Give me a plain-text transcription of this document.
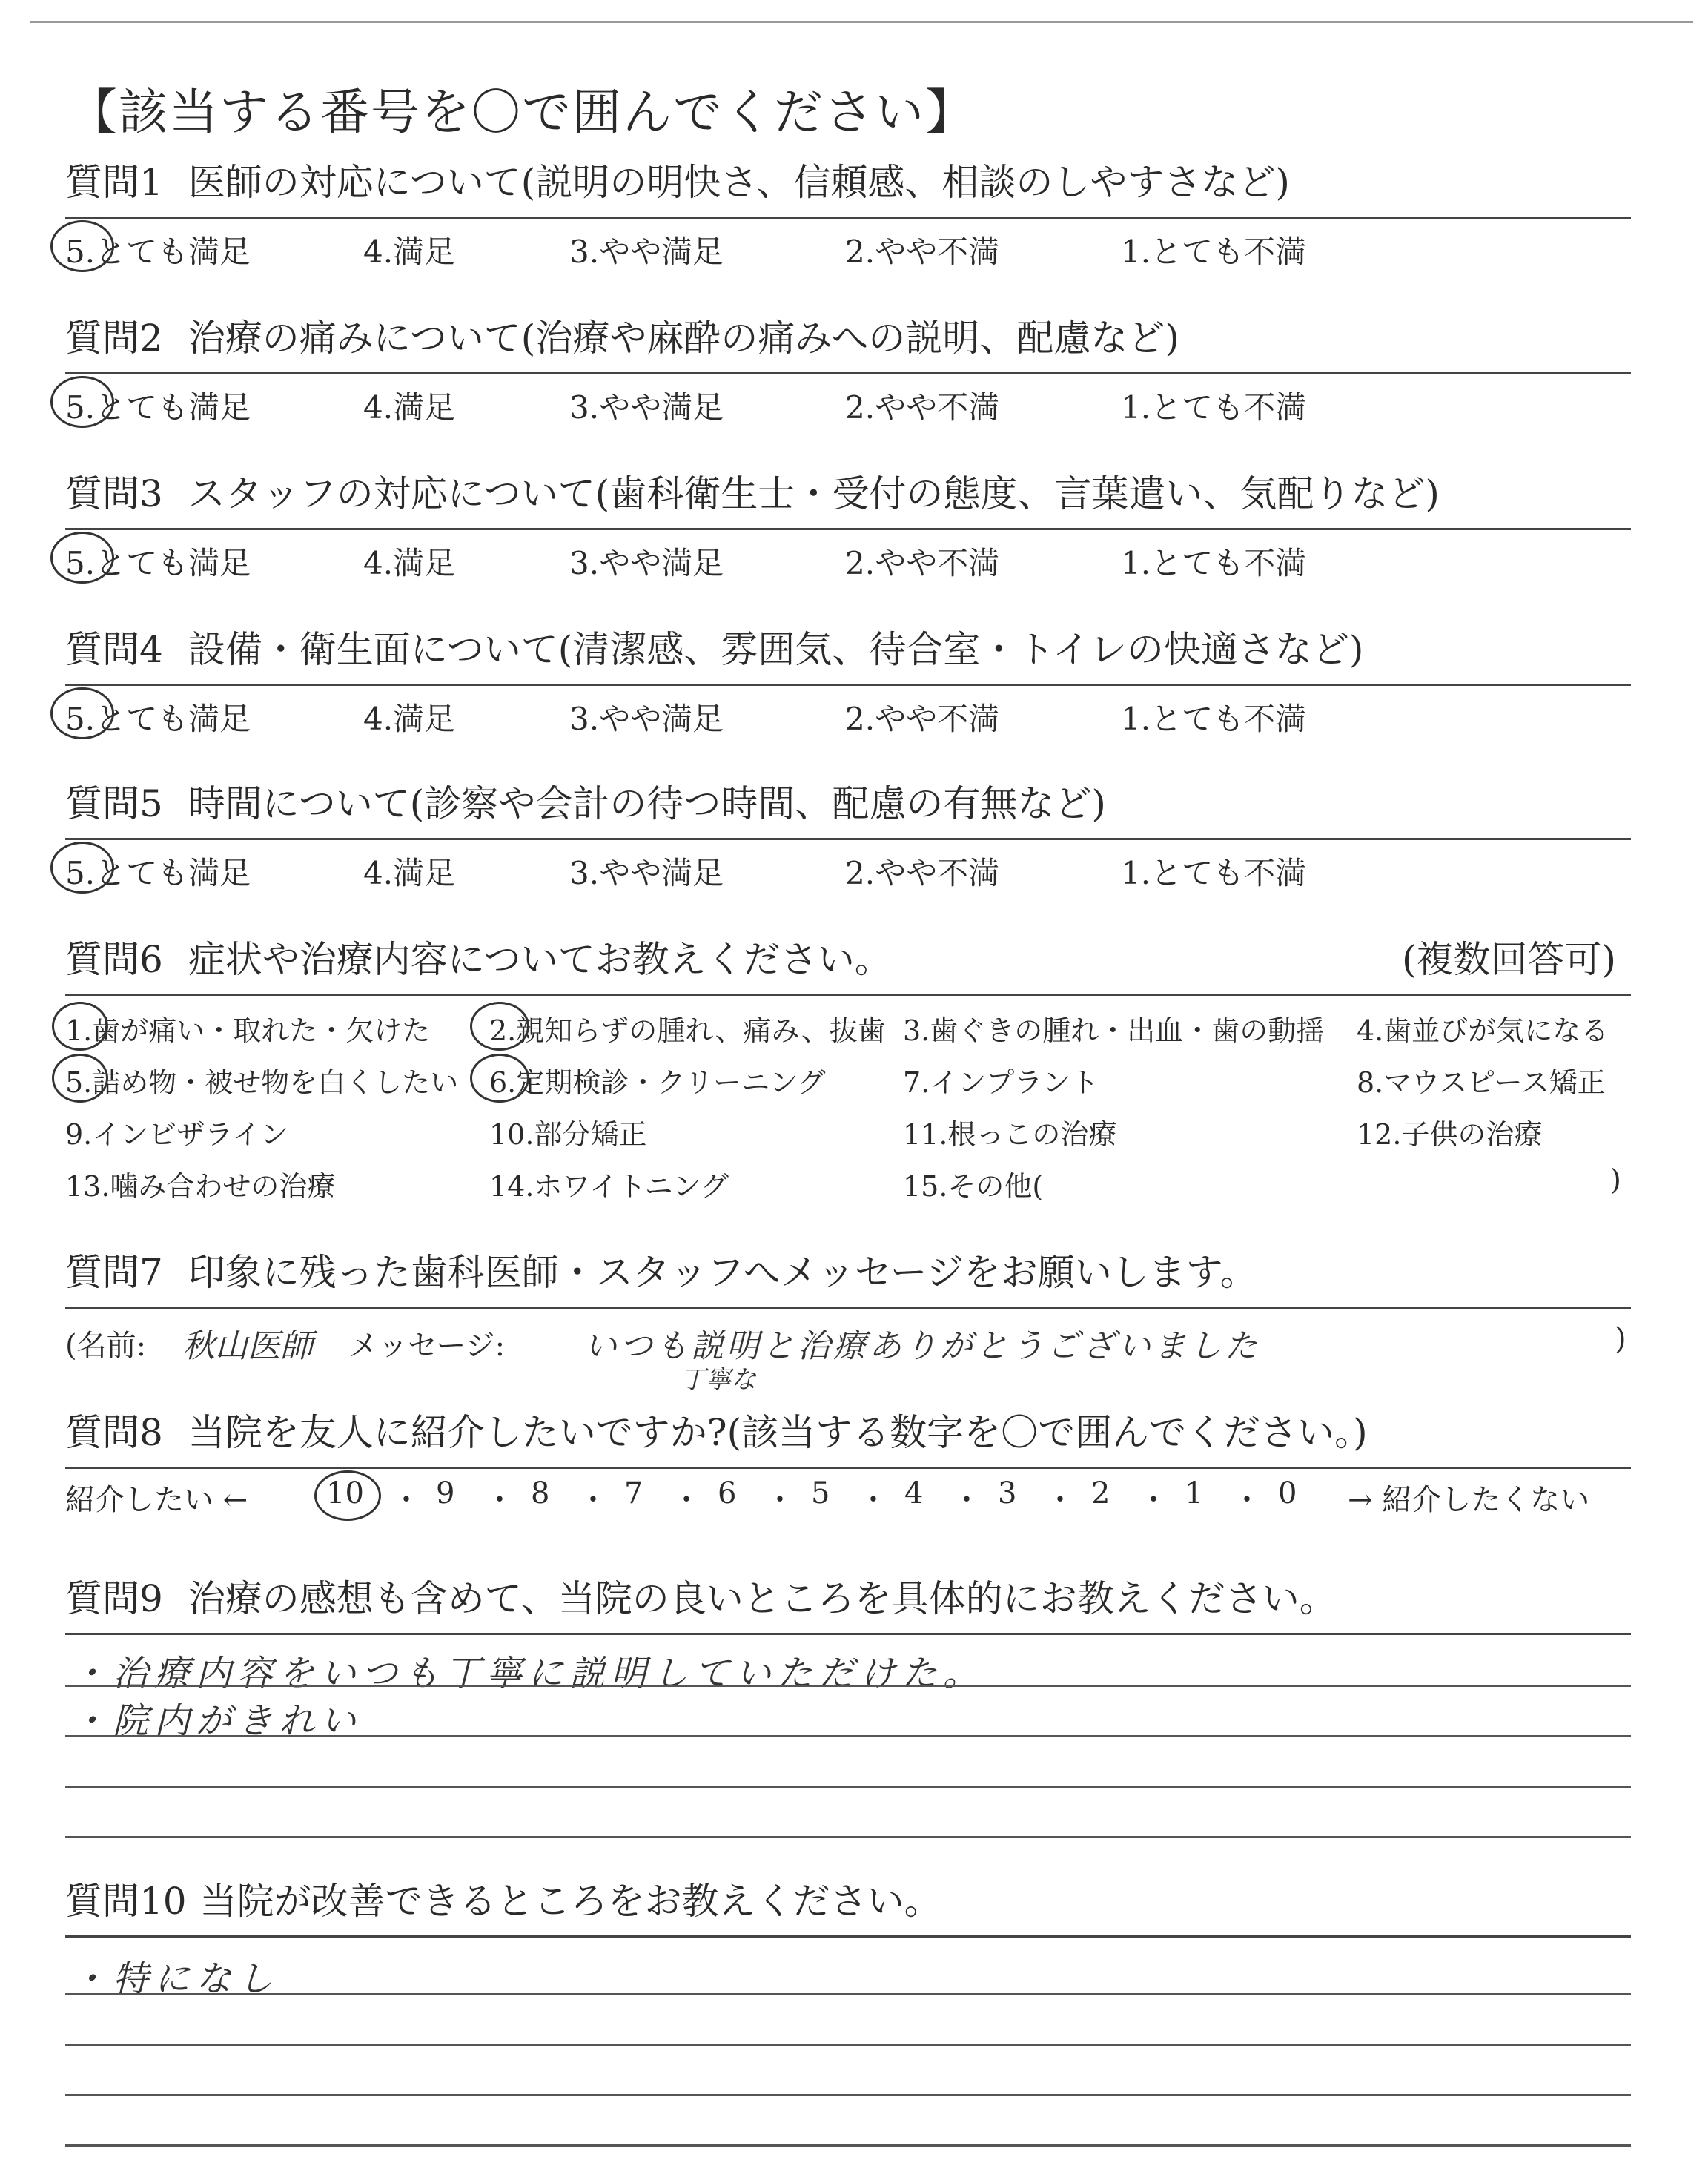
【該当する番号を〇で囲んでください】
質問1 医師の対応について(説明の明快さ、信頼感、相談のしやすさなど)
5.とても満足	4.満足	3.やや満足	2.やや不満	1.とても不満
質問2 治療の痛みについて(治療や麻酔の痛みへの説明、配慮など)
5.とても満足	4.満足	3.やや満足	2.やや不満	1.とても不満
質問3 スタッフの対応について(歯科衛生士・受付の態度、言葉遣い、気配りなど)
5.とても満足	4.満足	3.やや満足	2.やや不満	1.とても不満
質問4 設備・衛生面について(清潔感、雰囲気、待合室・トイレの快適さなど)
5.とても満足	4.満足	3.やや満足	2.やや不満	1.とても不満
質問5 時間について(診察や会計の待つ時間、配慮の有無など)
5.とても満足	4.満足	3.やや満足	2.やや不満	1.とても不満
質問6 症状や治療内容についてお教えください。	(複数回答可)
1.歯が痛い・取れた・欠けた 2.親知らずの腫れ、痛み、抜歯 3.歯ぐきの腫れ・出血・歯の動揺 4.歯並びが気になる
5.詰め物・被せ物を白くしたい 6.定期検診・クリーニング	7.インプラント	8.マウスピース矯正
9.インビザライン	10.部分矯正	11.根っこの治療	12.子供の治療
13.噛み合わせの治療	14.ホワイトニング	15.その他(	)
質問7 印象に残った歯科医師・スタッフへメッセージをお願いします。
(名前: 秋山医師 メッセージ: いつも説明と治療ありがとうございました
丁寧な
)
質問8 当院を友人に紹介したいですか?(該当する数字を〇で囲んでください。)
紹介したい ←	10 ・ 9 ・ 8 ・ 7 ・ 6 ・ 5 ・ 4 ・ 3 ・ 2 ・ 1 ・ 0 → 紹介したくない
質問9 治療の感想も含めて、当院の良いところを具体的にお教えください。
・治療内容をいつも丁寧に説明していただけた。
・院内がきれい
質問10 当院が改善できるところをお教えください。
・特になし
